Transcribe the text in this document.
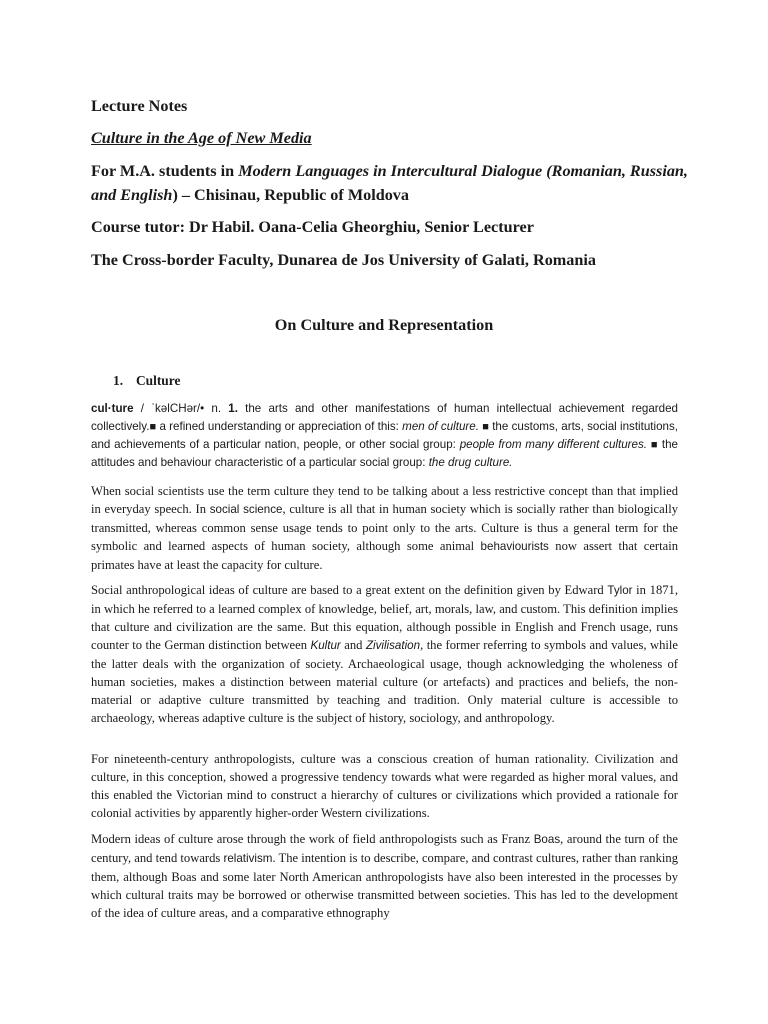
Lecture Notes

Culture in the Age of New Media

For M.A. students in Modern Languages in Intercultural Dialogue (Romanian, Russian, and English) – Chisinau, Republic of Moldova

Course tutor: Dr Habil. Oana-Celia Gheorghiu, Senior Lecturer

The Cross-border Faculty, Dunarea de Jos University of Galati, Romania

On Culture and Representation
1. Culture

cul·ture / ˈkəlCHər/• n. 1. the arts and other manifestations of human intellectual achievement regarded collectively.■ a refined understanding or appreciation of this: men of culture. ■ the customs, arts, social institutions, and achievements of a particular nation, people, or other social group: people from many different cultures. ■ the attitudes and behaviour characteristic of a particular social group: the drug culture.

When social scientists use the term culture they tend to be talking about a less restrictive concept than that implied in everyday speech. In social science, culture is all that in human society which is socially rather than biologically transmitted, whereas common sense usage tends to point only to the arts. Culture is thus a general term for the symbolic and learned aspects of human society, although some animal behaviourists now assert that certain primates have at least the capacity for culture.

Social anthropological ideas of culture are based to a great extent on the definition given by Edward Tylor in 1871, in which he referred to a learned complex of knowledge, belief, art, morals, law, and custom. This definition implies that culture and civilization are the same. But this equation, although possible in English and French usage, runs counter to the German distinction between Kultur and Zivilisation, the former referring to symbols and values, while the latter deals with the organization of society. Archaeological usage, though acknowledging the wholeness of human societies, makes a distinction between material culture (or artefacts) and practices and beliefs, the non-material or adaptive culture transmitted by teaching and tradition. Only material culture is accessible to archaeology, whereas adaptive culture is the subject of history, sociology, and anthropology.

For nineteenth-century anthropologists, culture was a conscious creation of human rationality. Civilization and culture, in this conception, showed a progressive tendency towards what were regarded as higher moral values, and this enabled the Victorian mind to construct a hierarchy of cultures or civilizations which provided a rationale for colonial activities by apparently higher-order Western civilizations.

Modern ideas of culture arose through the work of field anthropologists such as Franz Boas, around the turn of the century, and tend towards relativism. The intention is to describe, compare, and contrast cultures, rather than ranking them, although Boas and some later North American anthropologists have also been interested in the processes by which cultural traits may be borrowed or otherwise transmitted between societies. This has led to the development of the idea of culture areas, and a comparative ethnography
